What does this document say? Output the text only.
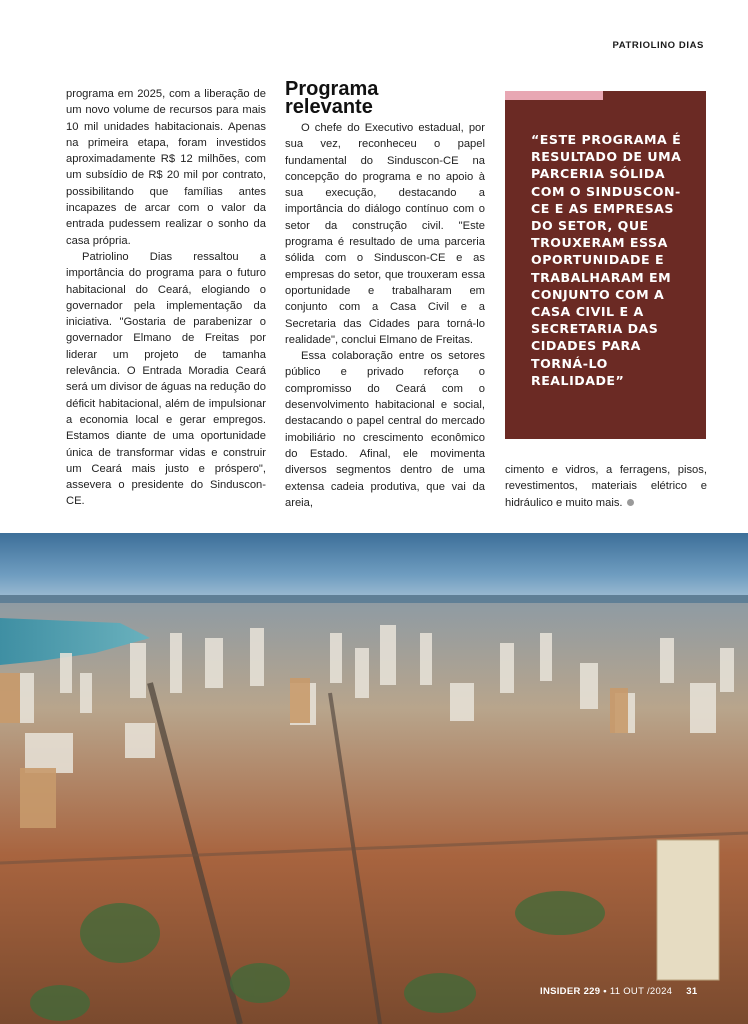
PATRIOLINO DIAS

programa em 2025, com a liberação de um novo volume de recursos para mais 10 mil unidades habitacionais. Apenas na primeira etapa, foram investidos aproximadamente R$ 12 milhões, com um subsídio de R$ 20 mil por contrato, possibilitando que famílias antes incapazes de arcar com o valor da entrada pudessem realizar o sonho da casa própria.

Patriolino Dias ressaltou a importância do programa para o futuro habitacional do Ceará, elogiando o governador pela implementação da iniciativa. "Gostaria de parabenizar o governador Elmano de Freitas por liderar um projeto de tamanha relevância. O Entrada Moradia Ceará será um divisor de águas na redução do déficit habitacional, além de impulsionar a economia local e gerar empregos. Estamos diante de uma oportunidade única de transformar vidas e construir um Ceará mais justo e próspero", assevera o presidente do Sinduscon-CE.

Programa
relevante

O chefe do Executivo estadual, por sua vez, reconheceu o papel fundamental do Sinduscon-CE na concepção do programa e no apoio à sua execução, destacando a importância do diálogo contínuo com o setor da construção civil. "Este programa é resultado de uma parceria sólida com o Sinduscon-CE e as empresas do setor, que trouxeram essa oportunidade e trabalharam em conjunto com a Casa Civil e a Secretaria das Cidades para torná-lo realidade", conclui Elmano de Freitas.

Essa colaboração entre os setores público e privado reforça o compromisso do Ceará com o desenvolvimento habitacional e social, destacando o papel central do mercado imobiliário no crescimento econômico do Estado. Afinal, ele movimenta diversos segmentos dentro de uma extensa cadeia produtiva, que vai da areia,

“ESTE PROGRAMA É RESULTADO DE UMA PARCERIA SÓLIDA COM O SINDUSCON-CE E AS EMPRESAS DO SETOR, QUE TROUXERAM ESSA OPORTUNIDADE E TRABALHARAM EM CONJUNTO COM A CASA CIVIL E A SECRETARIA DAS CIDADES PARA TORNÁ-LO REALIDADE”

cimento e vidros, a ferragens, pisos, revestimentos, materiais elétrico e hidráulico e muito mais.

INSIDER 229 • 11 OUT /2024 31
